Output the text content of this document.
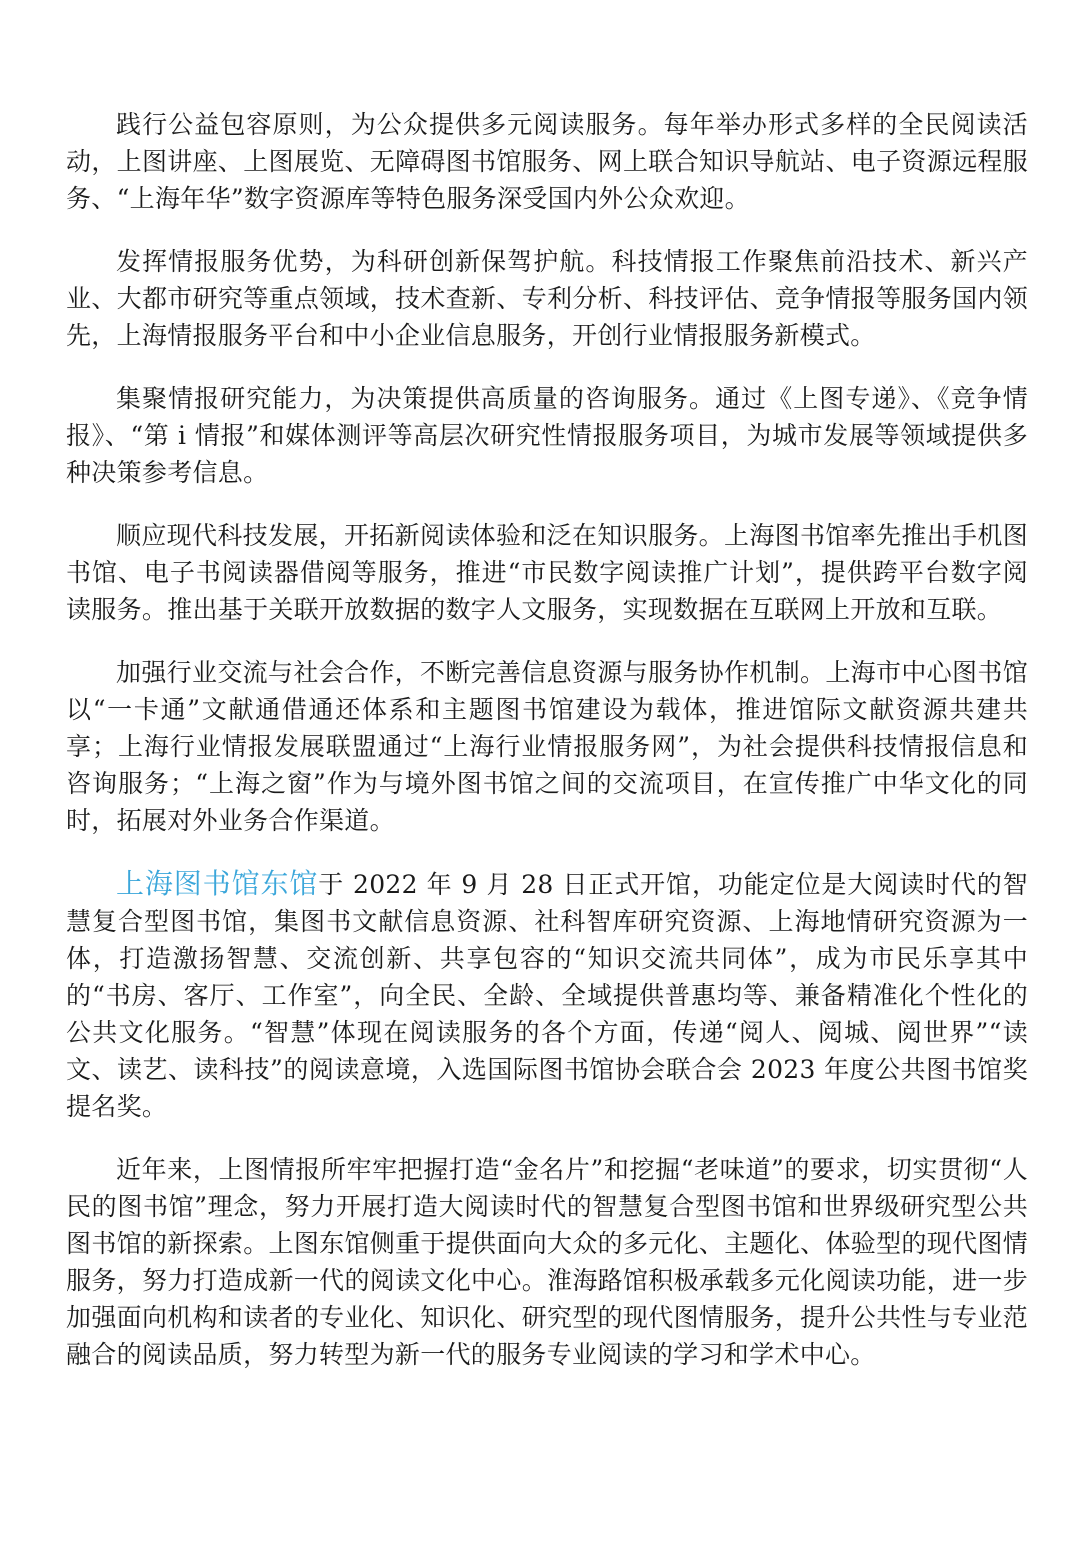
践行公益包容原则，为公众提供多元阅读服务。每年举办形式多样的全民阅读活动，上图讲座、上图展览、无障碍图书馆服务、网上联合知识导航站、电子资源远程服务、“上海年华”数字资源库等特色服务深受国内外公众欢迎。

发挥情报服务优势，为科研创新保驾护航。科技情报工作聚焦前沿技术、新兴产业、大都市研究等重点领域，技术查新、专利分析、科技评估、竞争情报等服务国内领先，上海情报服务平台和中小企业信息服务，开创行业情报服务新模式。

集聚情报研究能力，为决策提供高质量的咨询服务。通过《上图专递》、《竞争情报》、“第 i 情报”和媒体测评等高层次研究性情报服务项目，为城市发展等领域提供多种决策参考信息。

顺应现代科技发展，开拓新阅读体验和泛在知识服务。上海图书馆率先推出手机图书馆、电子书阅读器借阅等服务，推进“市民数字阅读推广计划”，提供跨平台数字阅读服务。推出基于关联开放数据的数字人文服务，实现数据在互联网上开放和互联。

加强行业交流与社会合作，不断完善信息资源与服务协作机制。上海市中心图书馆以“一卡通”文献通借通还体系和主题图书馆建设为载体，推进馆际文献资源共建共享；上海行业情报发展联盟通过“上海行业情报服务网”，为社会提供科技情报信息和咨询服务；“上海之窗”作为与境外图书馆之间的交流项目，在宣传推广中华文化的同时，拓展对外业务合作渠道。

上海图书馆东馆于 2022 年 9 月 28 日正式开馆，功能定位是大阅读时代的智慧复合型图书馆，集图书文献信息资源、社科智库研究资源、上海地情研究资源为一体，打造激扬智慧、交流创新、共享包容的“知识交流共同体”，成为市民乐享其中的“书房、客厅、工作室”，向全民、全龄、全域提供普惠均等、兼备精准化个性化的公共文化服务。“智慧”体现在阅读服务的各个方面，传递“阅人、阅城、阅世界”“读文、读艺、读科技”的阅读意境，入选国际图书馆协会联合会 2023 年度公共图书馆奖提名奖。

近年来，上图情报所牢牢把握打造“金名片”和挖掘“老味道”的要求，切实贯彻“人民的图书馆”理念，努力开展打造大阅读时代的智慧复合型图书馆和世界级研究型公共图书馆的新探索。上图东馆侧重于提供面向大众的多元化、主题化、体验型的现代图情服务，努力打造成新一代的阅读文化中心。淮海路馆积极承载多元化阅读功能，进一步加强面向机构和读者的专业化、知识化、研究型的现代图情服务，提升公共性与专业范融合的阅读品质，努力转型为新一代的服务专业阅读的学习和学术中心。
